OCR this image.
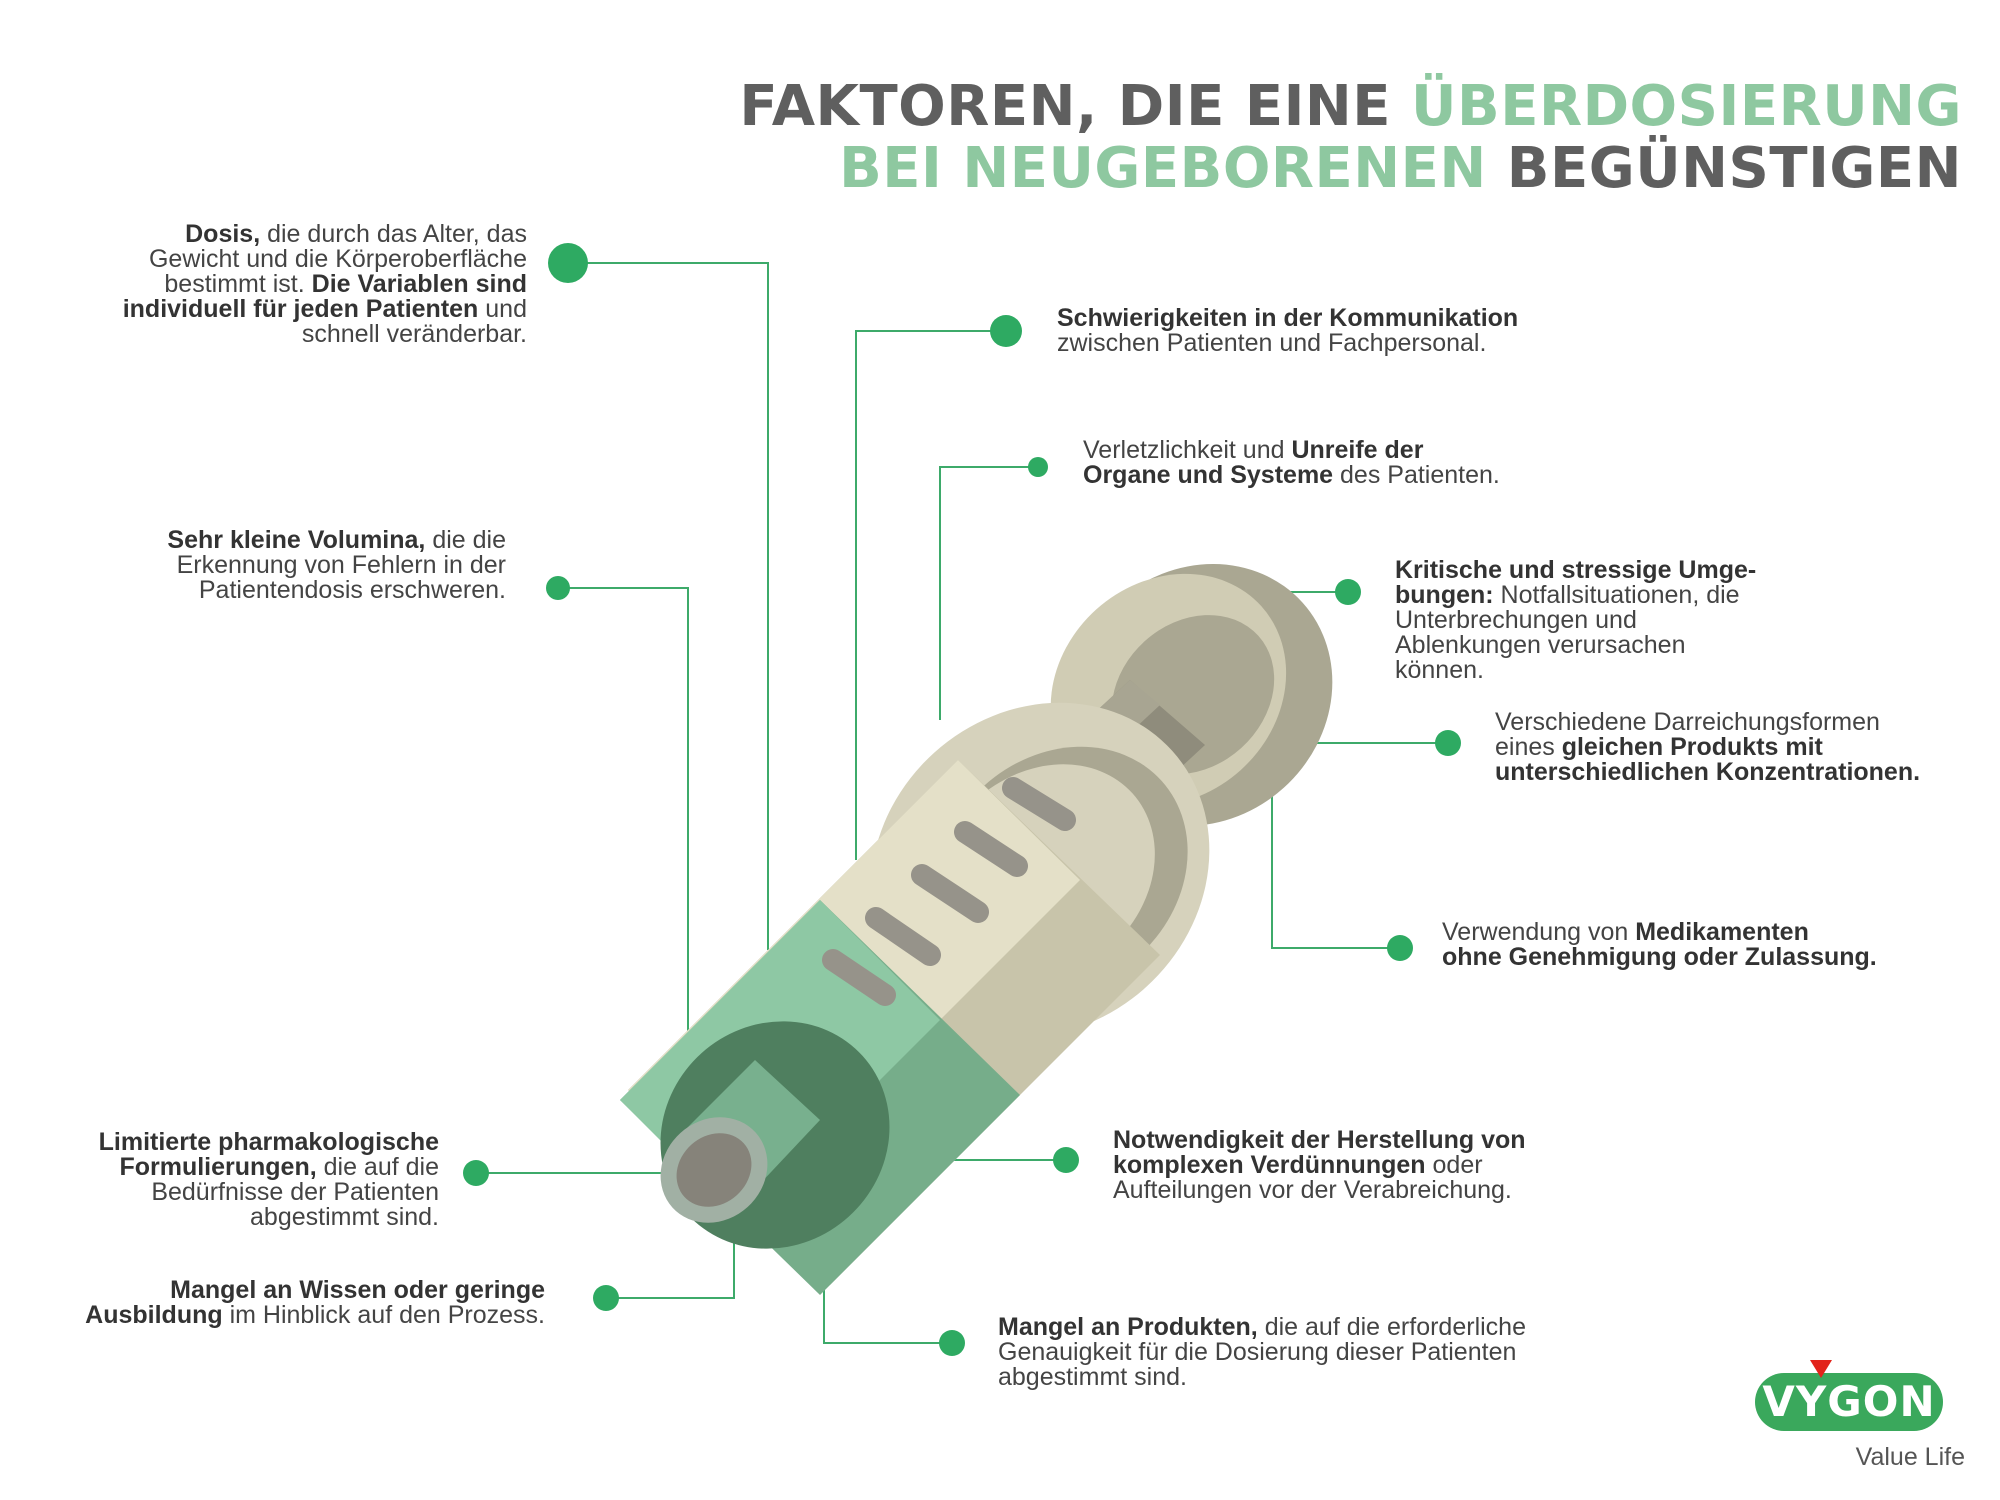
FAKTOREN, DIE EINE ÜBERDOSIERUNG
BEI NEUGEBORENEN BEGÜNSTIGEN
Dosis, die durch das Alter, das
Gewicht und die Körperoberfläche
bestimmt ist. Die Variablen sind
individuell für jeden Patienten und
schnell veränderbar.
Sehr kleine Volumina, die die
Erkennung von Fehlern in der
Patientendosis erschweren.
Limitierte pharmakologische
Formulierungen, die auf die
Bedürfnisse der Patienten
abgestimmt sind.
Mangel an Wissen oder geringe
Ausbildung im Hinblick auf den Prozess.
Schwierigkeiten in der Kommunikation
zwischen Patienten und Fachpersonal.
Verletzlichkeit und Unreife der
Organe und Systeme des Patienten.
Kritische und stressige Umge-
bungen: Notfallsituationen, die
Unterbrechungen und
Ablenkungen verursachen
können.
Verschiedene Darreichungsformen
eines gleichen Produkts mit
unterschiedlichen Konzentrationen.
Verwendung von Medikamenten
ohne Genehmigung oder Zulassung.
Notwendigkeit der Herstellung von
komplexen Verdünnungen oder
Aufteilungen vor der Verabreichung.
Mangel an Produkten, die auf die erforderliche
Genauigkeit für die Dosierung dieser Patienten
abgestimmt sind.	VYGON
Value Life
